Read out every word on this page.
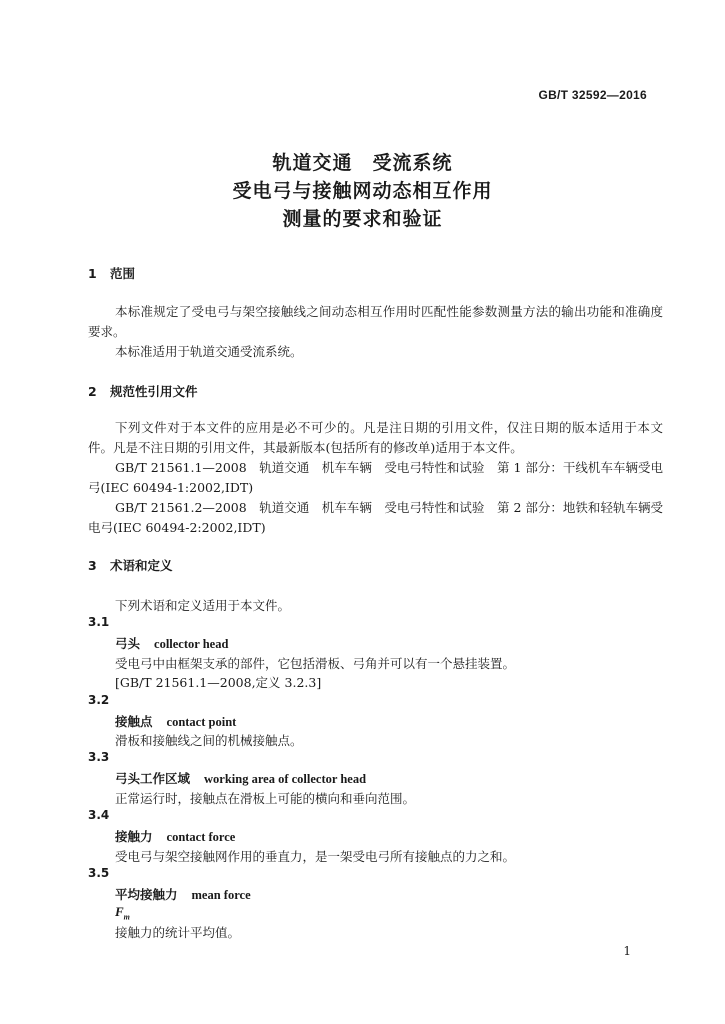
GB/T 32592—2016
轨道交通　受流系统
受电弓与接触网动态相互作用
测量的要求和验证
1 范围
本标准规定了受电弓与架空接触线之间动态相互作用时匹配性能参数测量方法的输出功能和准确度要求。
本标准适用于轨道交通受流系统。
2 规范性引用文件
下列文件对于本文件的应用是必不可少的。凡是注日期的引用文件，仅注日期的版本适用于本文件。凡是不注日期的引用文件，其最新版本(包括所有的修改单)适用于本文件。
GB/T 21561.1—2008　轨道交通　机车车辆　受电弓特性和试验　第 1 部分：干线机车车辆受电弓(IEC 60494-1:2002,IDT)
GB/T 21561.2—2008　轨道交通　机车车辆　受电弓特性和试验　第 2 部分：地铁和轻轨车辆受电弓(IEC 60494-2:2002,IDT)
3 术语和定义
下列术语和定义适用于本文件。
3.1
弓头 collector head
受电弓中由框架支承的部件，它包括滑板、弓角并可以有一个悬挂装置。
[GB/T 21561.1—2008,定义 3.2.3]
3.2
接触点 contact point
滑板和接触线之间的机械接触点。
3.3
弓头工作区域 working area of collector head
正常运行时，接触点在滑板上可能的横向和垂向范围。
3.4
接触力 contact force
受电弓与架空接触网作用的垂直力，是一架受电弓所有接触点的力之和。
3.5
平均接触力 mean force
$F_m$
接触力的统计平均值。
1
